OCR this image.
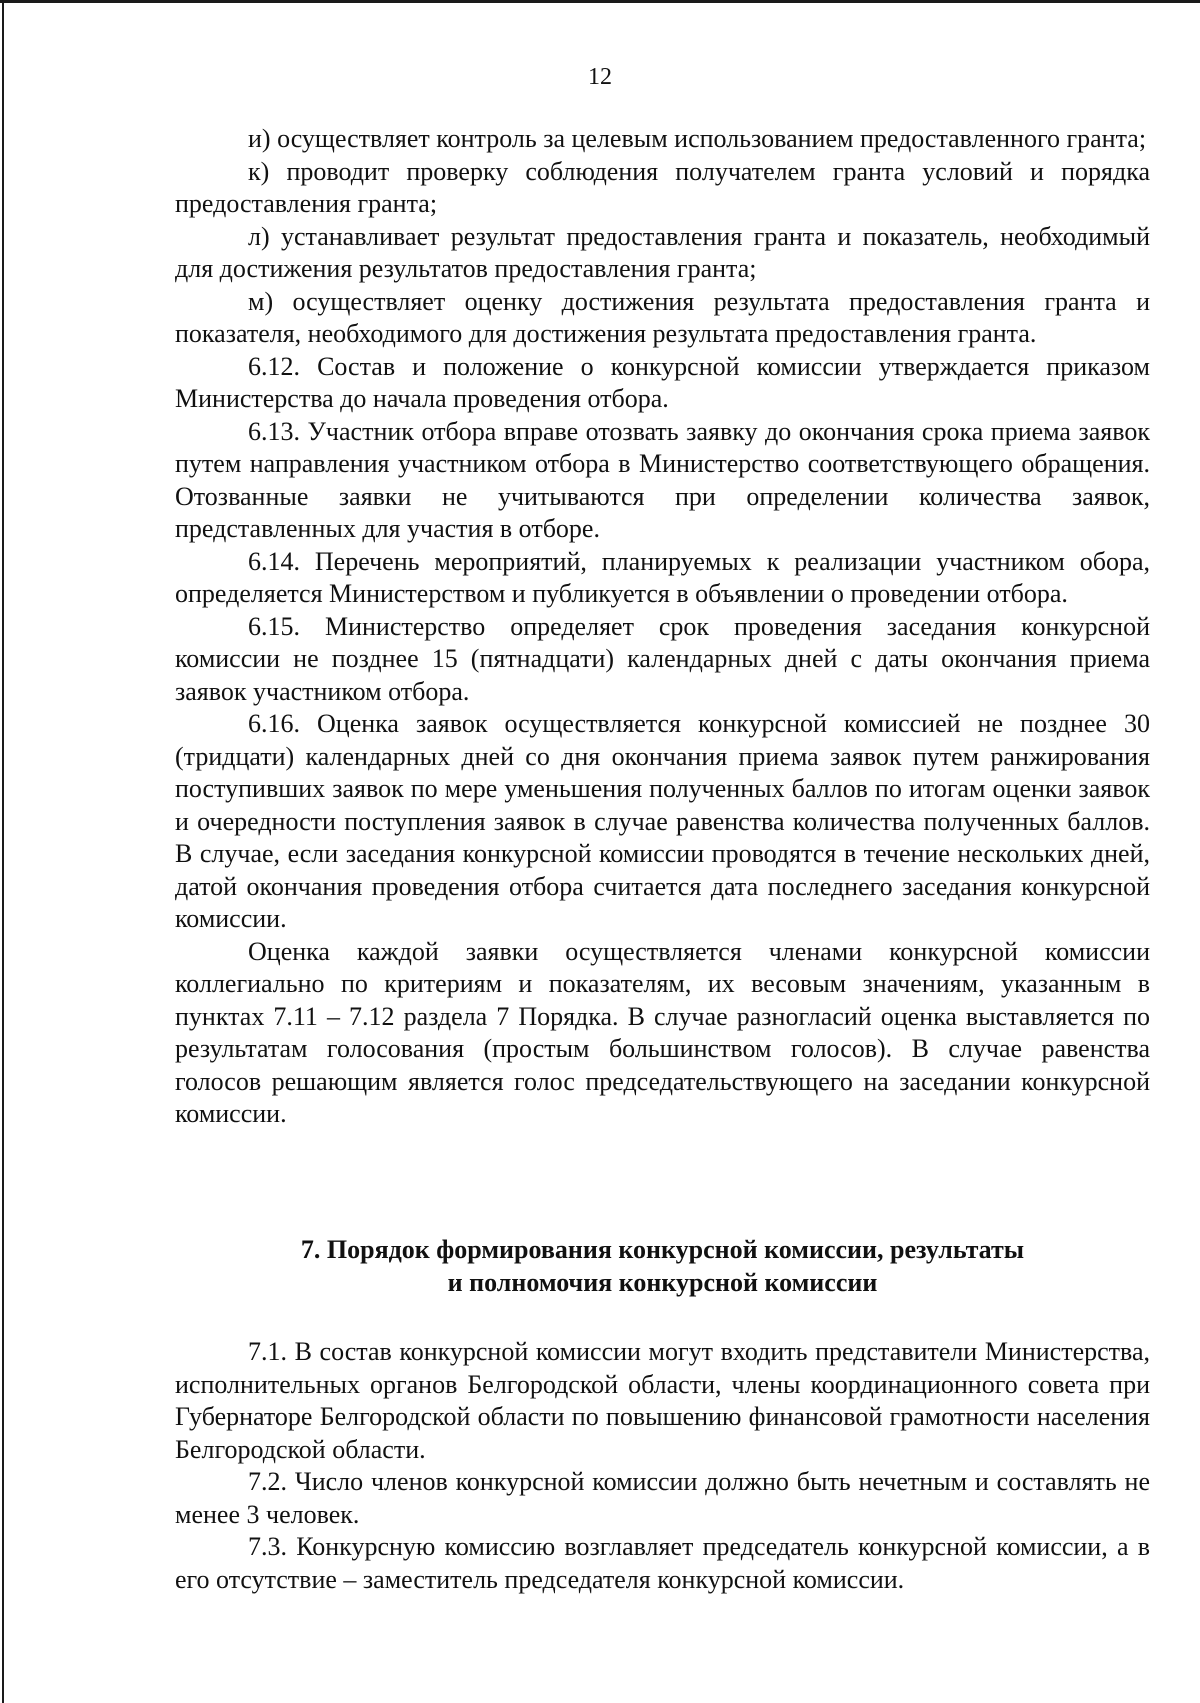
12

и) осуществляет контроль за целевым использованием предоставленного гранта;

к) проводит проверку соблюдения получателем гранта условий и порядка предоставления гранта;

л) устанавливает результат предоставления гранта и показатель, необходимый для достижения результатов предоставления гранта;

м) осуществляет оценку достижения результата предоставления гранта и показателя, необходимого для достижения результата предоставления гранта.

6.12. Состав и положение о конкурсной комиссии утверждается приказом Министерства до начала проведения отбора.

6.13. Участник отбора вправе отозвать заявку до окончания срока приема заявок путем направления участником отбора в Министерство соответствующего обращения. Отозванные заявки не учитываются при определении количества заявок, представленных для участия в отборе.

6.14. Перечень мероприятий, планируемых к реализации участником обора, определяется Министерством и публикуется в объявлении о проведении отбора.

6.15. Министерство определяет срок проведения заседания конкурсной комиссии не позднее 15 (пятнадцати) календарных дней с даты окончания приема заявок участником отбора.

6.16. Оценка заявок осуществляется конкурсной комиссией не позднее 30 (тридцати) календарных дней со дня окончания приема заявок путем ранжирования поступивших заявок по мере уменьшения полученных баллов по итогам оценки заявок и очередности поступления заявок в случае равенства количества полученных баллов. В случае, если заседания конкурсной комиссии проводятся в течение нескольких дней, датой окончания проведения отбора считается дата последнего заседания конкурсной комиссии.

Оценка каждой заявки осуществляется членами конкурсной комиссии коллегиально по критериям и показателям, их весовым значениям, указанным в пунктах 7.11 – 7.12 раздела 7 Порядка. В случае разногласий оценка выставляется по результатам голосования (простым большинством голосов). В случае равенства голосов решающим является голос председательствующего на заседании конкурсной комиссии.

7. Порядок формирования конкурсной комиссии, результаты
и полномочия конкурсной комиссии

7.1. В состав конкурсной комиссии могут входить представители Министерства, исполнительных органов Белгородской области, члены координационного совета при Губернаторе Белгородской области по повышению финансовой грамотности населения Белгородской области.

7.2. Число членов конкурсной комиссии должно быть нечетным и составлять не менее 3 человек.

7.3. Конкурсную комиссию возглавляет председатель конкурсной комиссии, а в его отсутствие – заместитель председателя конкурсной комиссии.
